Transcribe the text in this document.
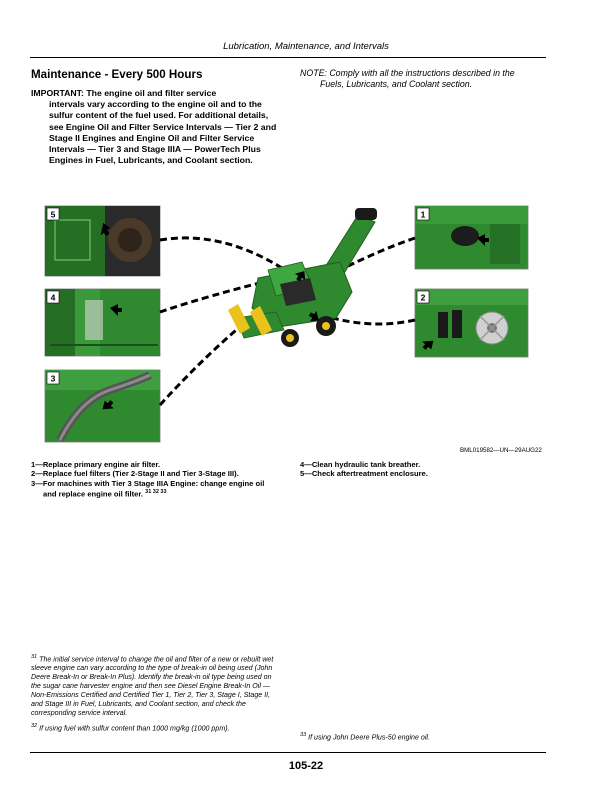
Lubrication, Maintenance, and Intervals
Maintenance - Every 500 Hours
IMPORTANT: The engine oil and filter service
intervals vary according to the engine oil and to the sulfur content of the fuel used. For additional details, see Engine Oil and Filter Service Intervals — Tier 2 and Stage II Engines and Engine Oil and Filter Service Intervals — Tier 3 and Stage IIIA — PowerTech Plus Engines in Fuel, Lubricants, and Coolant section.
NOTE: Comply with all the instructions described in the
Fuels, Lubricants, and Coolant section.
5
4
3
1
2
BML019582—UN—29AUG22
1—Replace primary engine air filter.
2—Replace fuel filters (Tier 2-Stage II and Tier 3-Stage III).
3—For machines with Tier 3 Stage IIIA Engine: change engine oil
and replace engine oil filter. $^{31 32 33}$
4—Clean hydraulic tank breather.
5—Check aftertreatment enclosure.
$^{31}$ The initial service interval to change the oil and filter of a new or rebuilt wet sleeve engine can vary according to the type of break-in oil being used (John Deere Break-In or Break-In Plus). Identify the break-in oil type being used on the sugar cane harvester engine and then see Diesel Engine Break-In Oil — Non-Emissions Certified and Certified Tier 1, Tier 2, Tier 3, Stage I, Stage II, and Stage III in Fuel, Lubricants, and Coolant section, and check the corresponding service interval.
$^{32}$ If using fuel with sulfur content than 1000 mg/kg (1000 ppm).
$^{33}$ If using John Deere Plus-50 engine oil.
105-22
